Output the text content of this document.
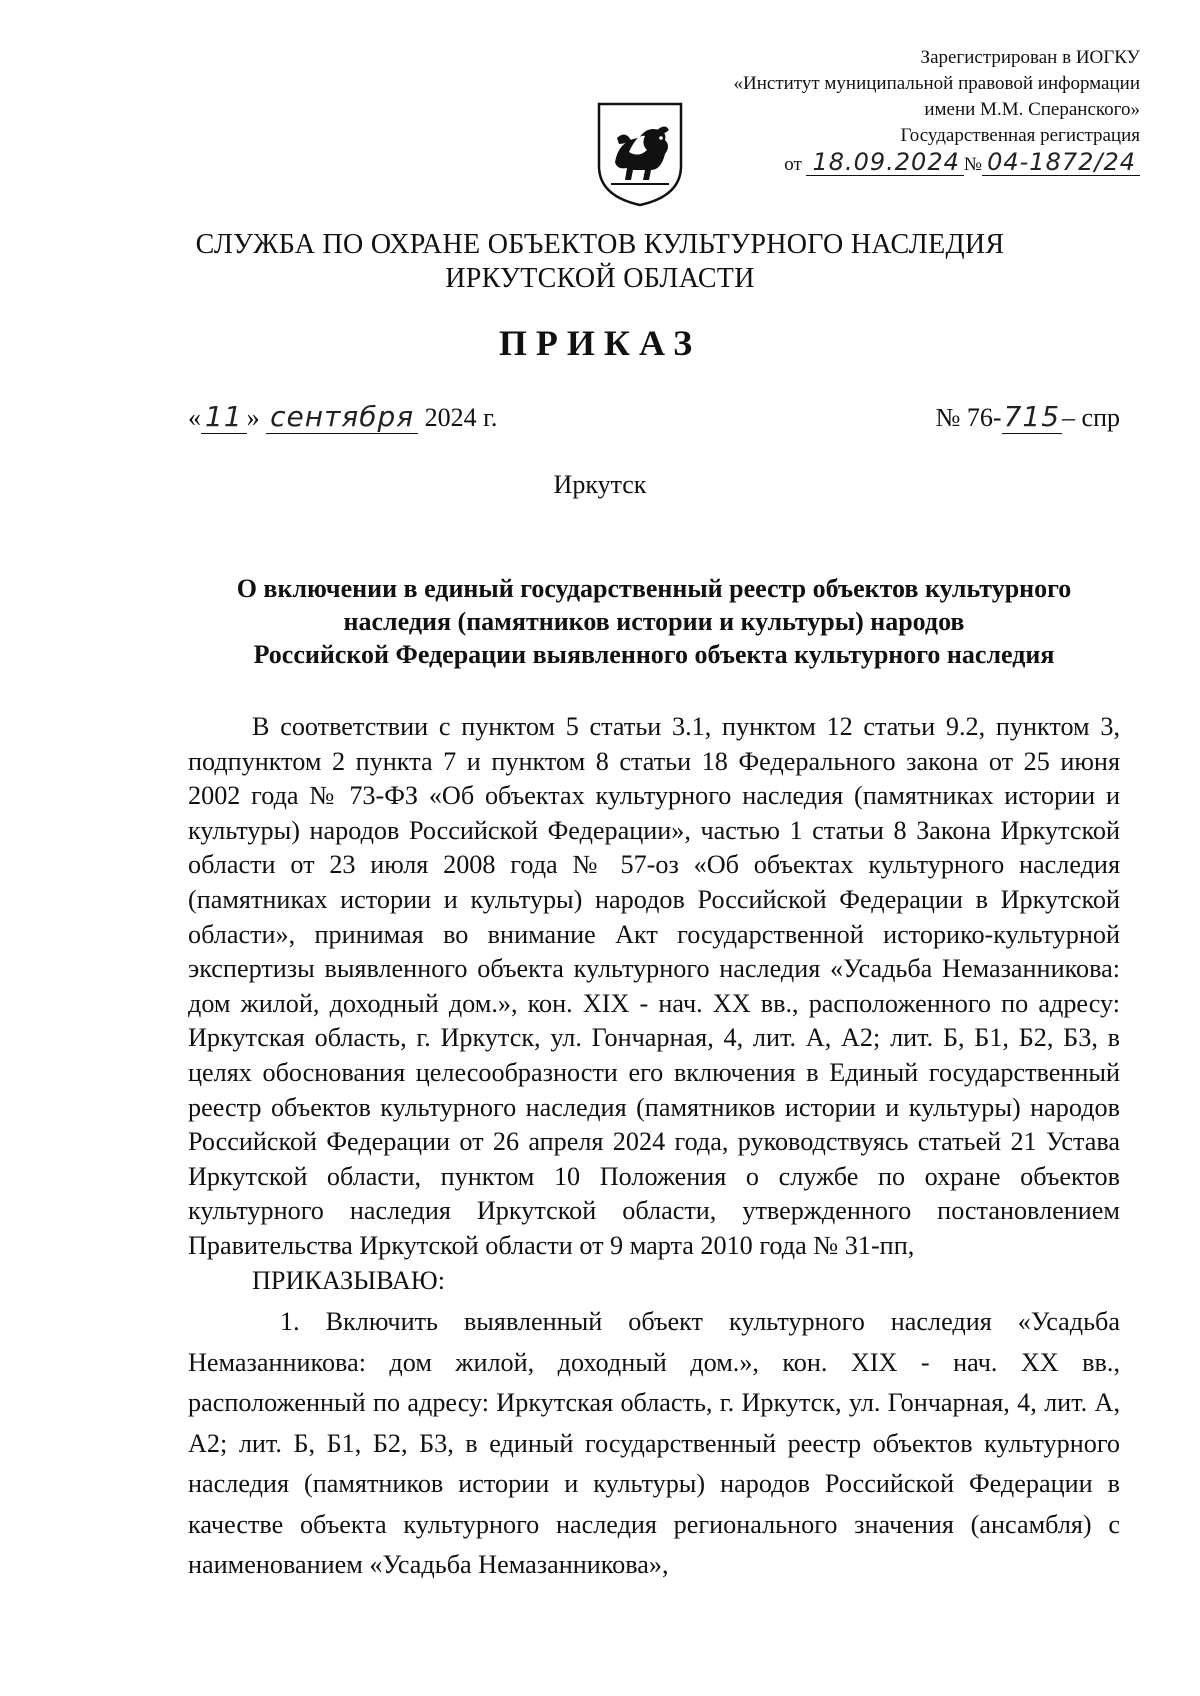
Зарегистрирован в ИОГКУ
«Институт муниципальной правовой информации
имени М.М. Сперанского»
Государственная регистрация
от 18.09.2024 № 04-1872/24
СЛУЖБА ПО ОХРАНЕ ОБЪЕКТОВ КУЛЬТУРНОГО НАСЛЕДИЯ
ИРКУТСКОЙ ОБЛАСТИ
ПРИКАЗ
« 11 » сентября 2024 г.	№ 76-715– спр
Иркутск
О включении в единый государственный реестр объектов культурного
наследия (памятников истории и культуры) народов
Российской Федерации выявленного объекта культурного наследия

В соответствии с пунктом 5 статьи 3.1, пунктом 12 статьи 9.2, пунктом 3, подпунктом 2 пункта 7 и пунктом 8 статьи 18 Федерального закона от 25 июня 2002 года № 73-ФЗ «Об объектах культурного наследия (памятниках истории и культуры) народов Российской Федерации», частью 1 статьи 8 Закона Иркутской области от 23 июля 2008 года № 57-оз «Об объектах культурного наследия (памятниках истории и культуры) народов Российской Федерации в Иркутской области», принимая во внимание Акт государственной историко-культурной экспертизы выявленного объекта культурного наследия «Усадьба Немазанникова: дом жилой, доходный дом.», кон. XIX - нач. XX вв., расположенного по адресу: Иркутская область, г. Иркутск, ул. Гончарная, 4, лит. А, А2; лит. Б, Б1, Б2, Б3, в целях обоснования целесообразности его включения в Единый государственный реестр объектов культурного наследия (памятников истории и культуры) народов Российской Федерации от 26 апреля 2024 года, руководствуясь статьей 21 Устава Иркутской области, пунктом 10 Положения о службе по охране объектов культурного наследия Иркутской области, утвержденного постановлением Правительства Иркутской области от 9 марта 2010 года № 31-пп,

ПРИКАЗЫВАЮ:

1. Включить выявленный объект культурного наследия «Усадьба Немазанникова: дом жилой, доходный дом.», кон. XIX - нач. XX вв., расположенный по адресу: Иркутская область, г. Иркутск, ул. Гончарная, 4, лит. А, А2; лит. Б, Б1, Б2, Б3, в единый государственный реестр объектов культурного наследия (памятников истории и культуры) народов Российской Федерации в качестве объекта культурного наследия регионального значения (ансамбля) с наименованием «Усадьба Немазанникова»,
